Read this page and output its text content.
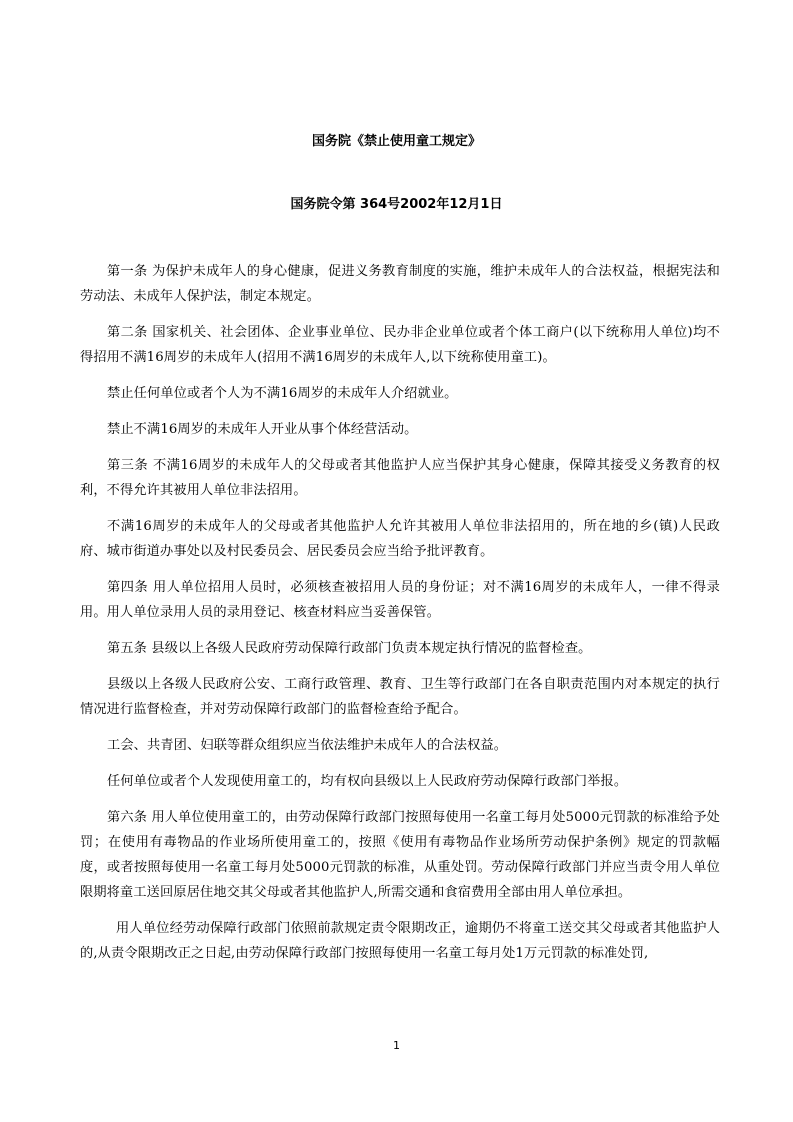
国务院《禁止使用童工规定》
国务院令第 364号2002年12月1日

第一条 为保护未成年人的身心健康，促进义务教育制度的实施，维护未成年人的合法权益，根据宪法和劳动法、未成年人保护法，制定本规定。

第二条 国家机关、社会团体、企业事业单位、民办非企业单位或者个体工商户(以下统称用人单位)均不得招用不满16周岁的未成年人(招用不满16周岁的未成年人,以下统称使用童工)。

禁止任何单位或者个人为不满16周岁的未成年人介绍就业。

禁止不满16周岁的未成年人开业从事个体经营活动。

第三条 不满16周岁的未成年人的父母或者其他监护人应当保护其身心健康，保障其接受义务教育的权利，不得允许其被用人单位非法招用。

不满16周岁的未成年人的父母或者其他监护人允许其被用人单位非法招用的，所在地的乡(镇)人民政府、城市街道办事处以及村民委员会、居民委员会应当给予批评教育。

第四条 用人单位招用人员时，必须核查被招用人员的身份证；对不满16周岁的未成年人，一律不得录用。用人单位录用人员的录用登记、核查材料应当妥善保管。

第五条 县级以上各级人民政府劳动保障行政部门负责本规定执行情况的监督检查。

县级以上各级人民政府公安、工商行政管理、教育、卫生等行政部门在各自职责范围内对本规定的执行情况进行监督检查，并对劳动保障行政部门的监督检查给予配合。

工会、共青团、妇联等群众组织应当依法维护未成年人的合法权益。

任何单位或者个人发现使用童工的，均有权向县级以上人民政府劳动保障行政部门举报。

第六条 用人单位使用童工的，由劳动保障行政部门按照每使用一名童工每月处5000元罚款的标准给予处罚；在使用有毒物品的作业场所使用童工的，按照《使用有毒物品作业场所劳动保护条例》规定的罚款幅度，或者按照每使用一名童工每月处5000元罚款的标准，从重处罚。劳动保障行政部门并应当责令用人单位限期将童工送回原居住地交其父母或者其他监护人,所需交通和食宿费用全部由用人单位承担。

用人单位经劳动保障行政部门依照前款规定责令限期改正，逾期仍不将童工送交其父母或者其他监护人的,从责令限期改正之日起,由劳动保障行政部门按照每使用一名童工每月处1万元罚款的标准处罚,

1
